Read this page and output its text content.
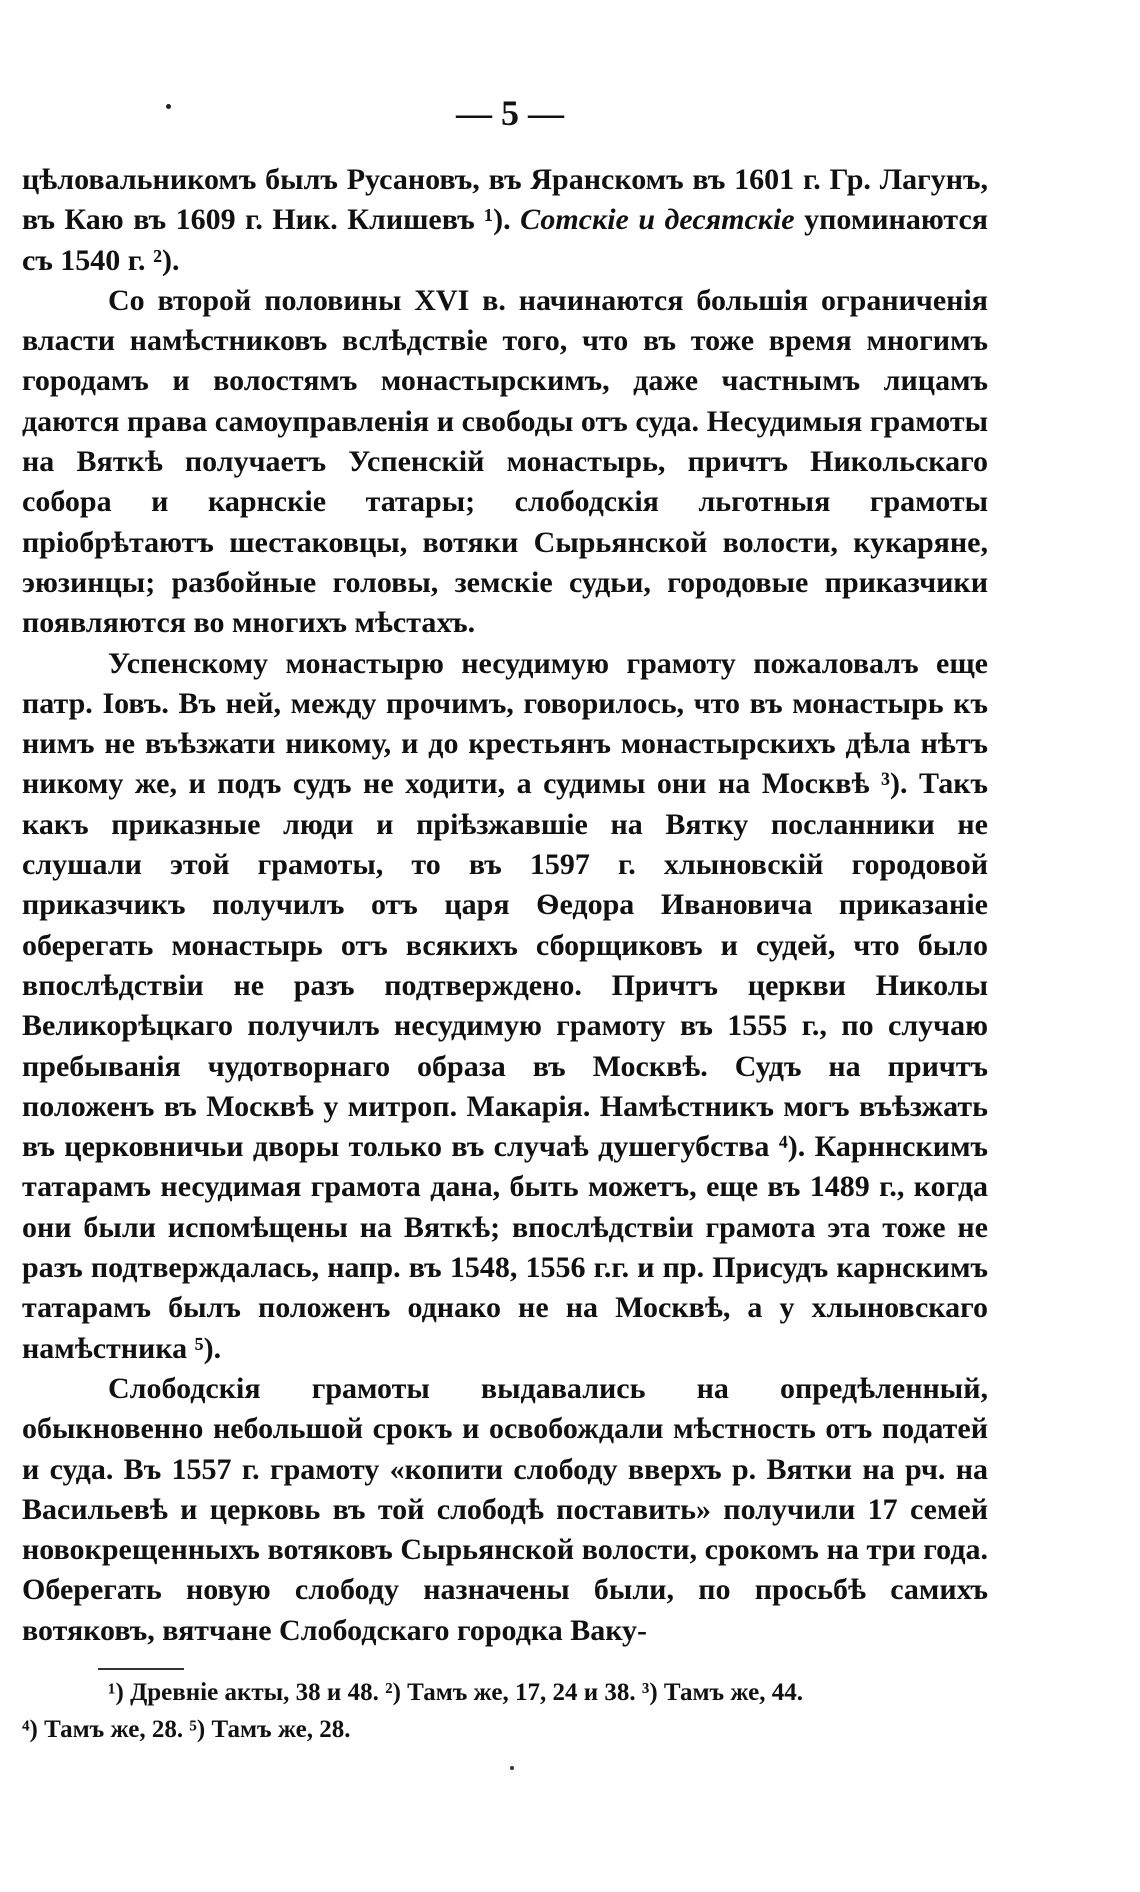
— 5 —

цѣловальникомъ былъ Русановъ, въ Яранскомъ въ 1601 г. Гр. Лагунъ, въ Каю въ 1609 г. Ник. Клишевъ ¹). Сотскіе и десятскіе упоминаются съ 1540 г. ²).

Со второй половины XVI в. начинаются большія ограниченія власти намѣстниковъ вслѣдствіе того, что въ тоже время многимъ городамъ и волостямъ монастырскимъ, даже частнымъ лицамъ даются права самоуправленія и свободы отъ суда. Несудимыя грамоты на Вяткѣ получаетъ Успенскій монастырь, причтъ Никольскаго собора и карнскіе татары; слободскія льготныя грамоты пріобрѣтаютъ шестаковцы, вотяки Сырьянской волости, кукаряне, эюзинцы; разбойные головы, земскіе судьи, городовые приказчики появляются во многихъ мѣстахъ.

Успенскому монастырю несудимую грамоту пожаловалъ еще патр. Іовъ. Въ ней, между прочимъ, говорилось, что въ монастырь къ нимъ не въѣзжати никому, и до крестьянъ монастырскихъ дѣла нѣтъ никому же, и подъ судъ не ходити, а судимы они на Москвѣ ³). Такъ какъ приказные люди и пріѣзжавшіе на Вятку посланники не слушали этой грамоты, то въ 1597 г. хлыновскій городовой приказчикъ получилъ отъ царя Ѳедора Ивановича приказаніе оберегать монастырь отъ всякихъ сборщиковъ и судей, что было впослѣдствіи не разъ подтверждено. Причтъ церкви Николы Великорѣцкаго получилъ несудимую грамоту въ 1555 г., по случаю пребыванія чудотворнаго образа въ Москвѣ. Судъ на причтъ положенъ въ Москвѣ у митроп. Макарія. Намѣстникъ могъ въѣзжать въ церковничьи дворы только въ случаѣ душегубства ⁴). Карннскимъ татарамъ несудимая грамота дана, быть можетъ, еще въ 1489 г., когда они были испомѣщены на Вяткѣ; впослѣдствіи грамота эта тоже не разъ подтверждалась, напр. въ 1548, 1556 г.г. и пр. Присудъ карнскимъ татарамъ былъ положенъ однако не на Москвѣ, а у хлыновскаго намѣстника ⁵).

Слободскія грамоты выдавались на опредѣленный, обыкновенно небольшой срокъ и освобождали мѣстность отъ податей и суда. Въ 1557 г. грамоту «копити слободу вверхъ р. Вятки на рч. на Васильевѣ и церковь въ той слободѣ поставить» получили 17 семей новокрещенныхъ вотяковъ Сырьянской волости, срокомъ на три года. Оберегать новую слободу назначены были, по просьбѣ самихъ вотяковъ, вятчане Слободскаго городка Baку-

¹) Древніе акты, 38 и 48. ²) Тамъ же, 17, 24 и 38. ³) Тамъ же, 44.

⁴) Тамъ же, 28. ⁵) Тамъ же, 28.
